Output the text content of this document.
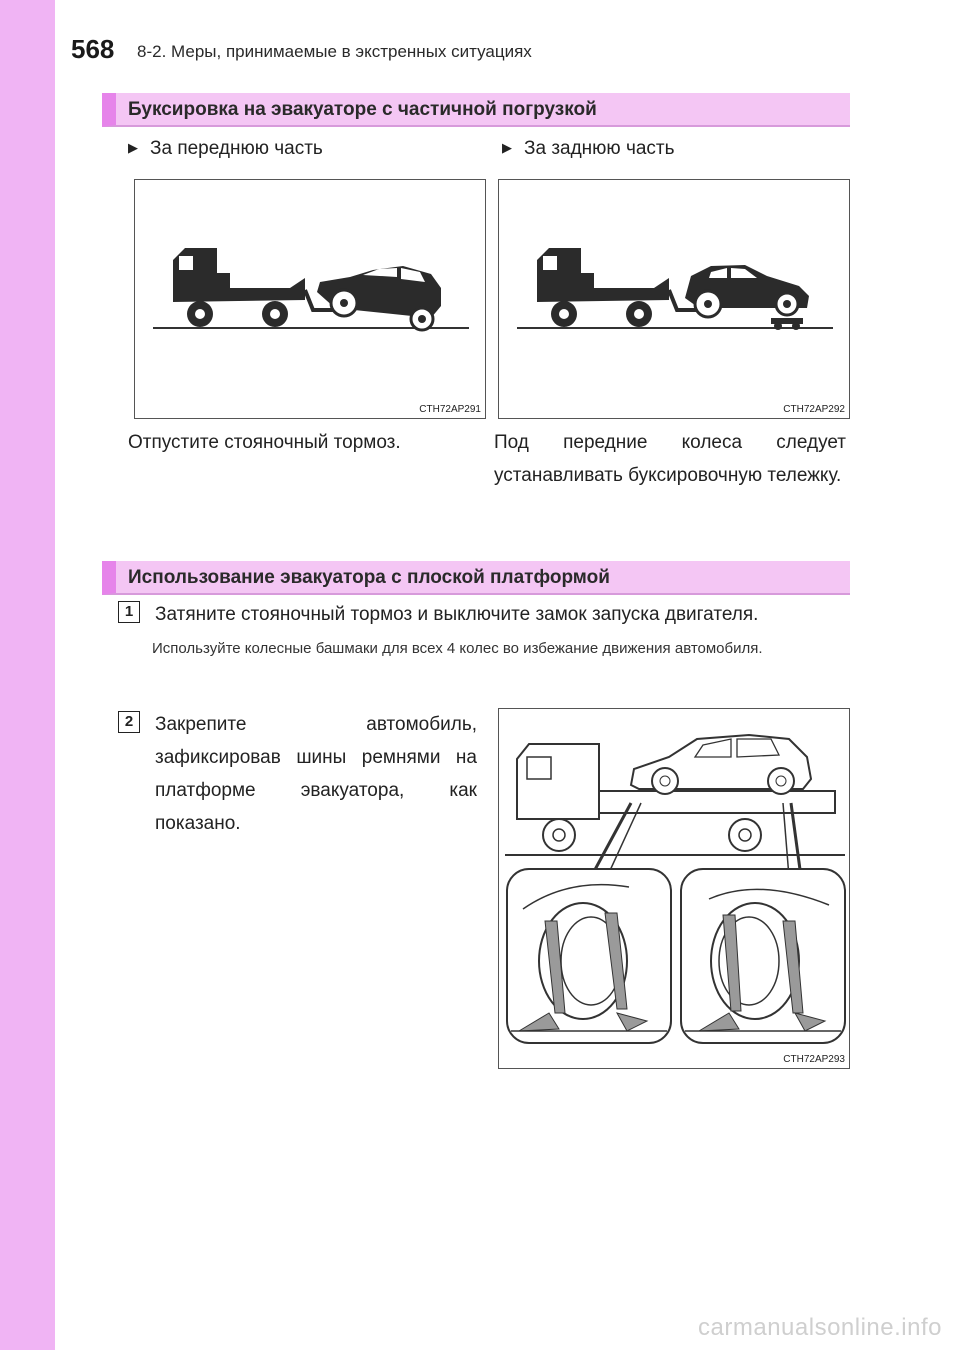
568 8-2. Меры, принимаемые в экстренных ситуациях
Буксировка на эвакуаторе с частичной погрузкой
▶ За переднюю часть	▶ За заднюю часть
CTH72AP291	CTH72AP292
Отпустите стояночный тормоз.	Под передние колеса следует устанавливать буксировочную тележку.
Использование эвакуатора с плоской платформой
1	Затяните стояночный тормоз и выключите замок запуска двигателя.
Используйте колесные башмаки для всех 4 колес во избежание движения автомобиля.
2	Закрепите автомобиль, зафиксировав шины ремнями на платформе эвакуатора, как показано.
CTH72AP293
carmanualsonline.info
